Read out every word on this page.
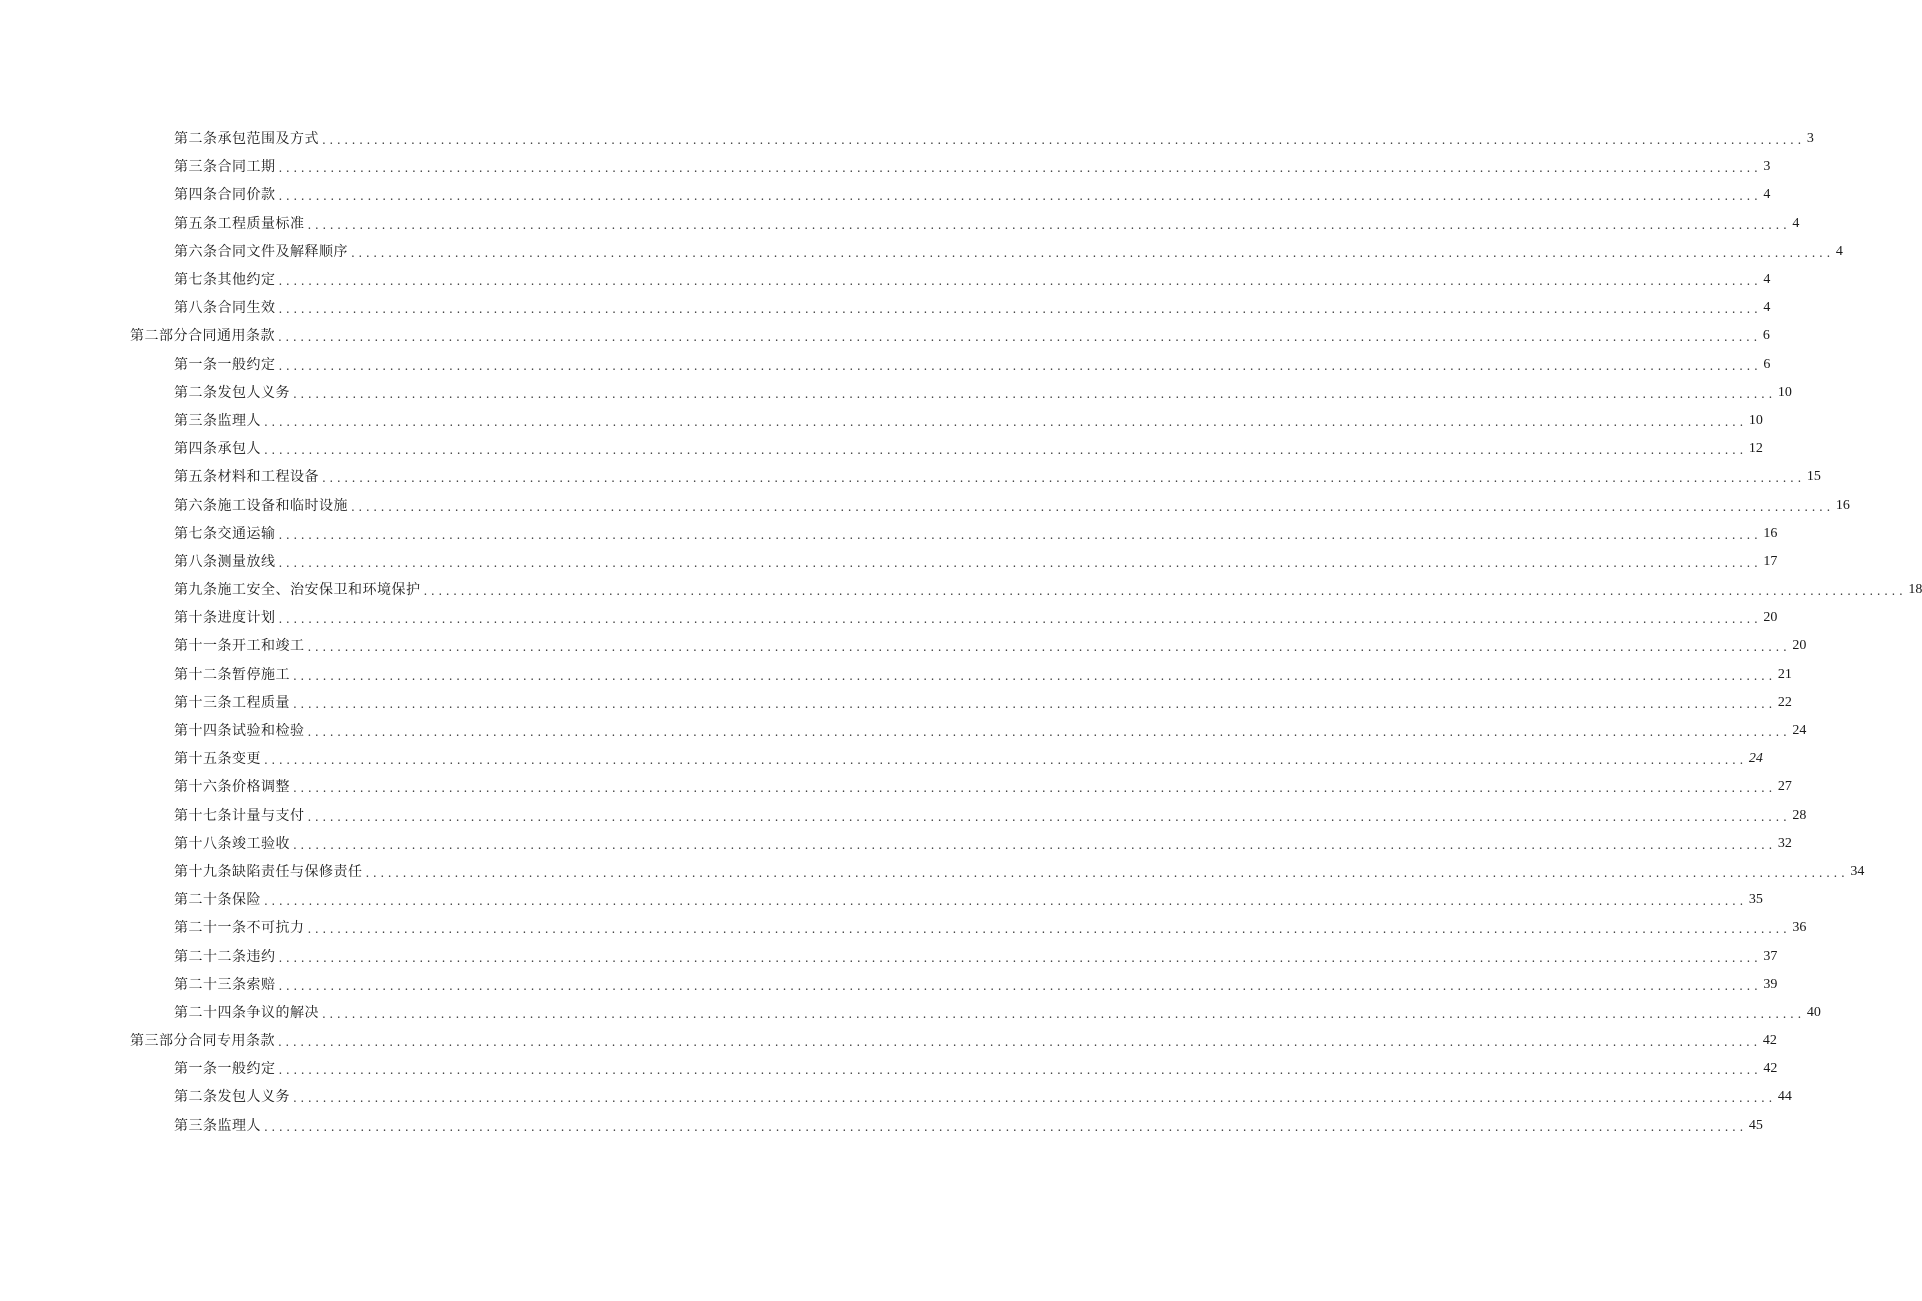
第二条承包范围及方式 ........................................................................................................................................................................................................ 3
第三条合同工期 ........................................................................................................................................................................................................ 3
第四条合同价款 ........................................................................................................................................................................................................ 4
第五条工程质量标准 ........................................................................................................................................................................................................ 4
第六条合同文件及解释顺序 ........................................................................................................................................................................................................ 4
第七条其他约定 ........................................................................................................................................................................................................ 4
第八条合同生效 ........................................................................................................................................................................................................ 4
第二部分合同通用条款 ........................................................................................................................................................................................................ 6
第一条一般约定 ........................................................................................................................................................................................................ 6
第二条发包人义务 ........................................................................................................................................................................................................ 10
第三条监理人 ........................................................................................................................................................................................................ 10
第四条承包人 ........................................................................................................................................................................................................ 12
第五条材料和工程设备 ........................................................................................................................................................................................................ 15
第六条施工设备和临时设施 ........................................................................................................................................................................................................ 16
第七条交通运输 ........................................................................................................................................................................................................ 16
第八条测量放线 ........................................................................................................................................................................................................ 17
第九条施工安全、治安保卫和环境保护 ........................................................................................................................................................................................................ 18
第十条进度计划 ........................................................................................................................................................................................................ 20
第十一条开工和竣工 ........................................................................................................................................................................................................ 20
第十二条暂停施工 ........................................................................................................................................................................................................ 21
第十三条工程质量 ........................................................................................................................................................................................................ 22
第十四条试验和检验 ........................................................................................................................................................................................................ 24
第十五条变更 ........................................................................................................................................................................................................ 24
第十六条价格调整 ........................................................................................................................................................................................................ 27
第十七条计量与支付 ........................................................................................................................................................................................................ 28
第十八条竣工验收 ........................................................................................................................................................................................................ 32
第十九条缺陷责任与保修责任 ........................................................................................................................................................................................................ 34
第二十条保险 ........................................................................................................................................................................................................ 35
第二十一条不可抗力 ........................................................................................................................................................................................................ 36
第二十二条违约 ........................................................................................................................................................................................................ 37
第二十三条索赔 ........................................................................................................................................................................................................ 39
第二十四条争议的解决 ........................................................................................................................................................................................................ 40
第三部分合同专用条款 ........................................................................................................................................................................................................ 42
第一条一般约定 ........................................................................................................................................................................................................ 42
第二条发包人义务 ........................................................................................................................................................................................................ 44
第三条监理人 ........................................................................................................................................................................................................ 45
